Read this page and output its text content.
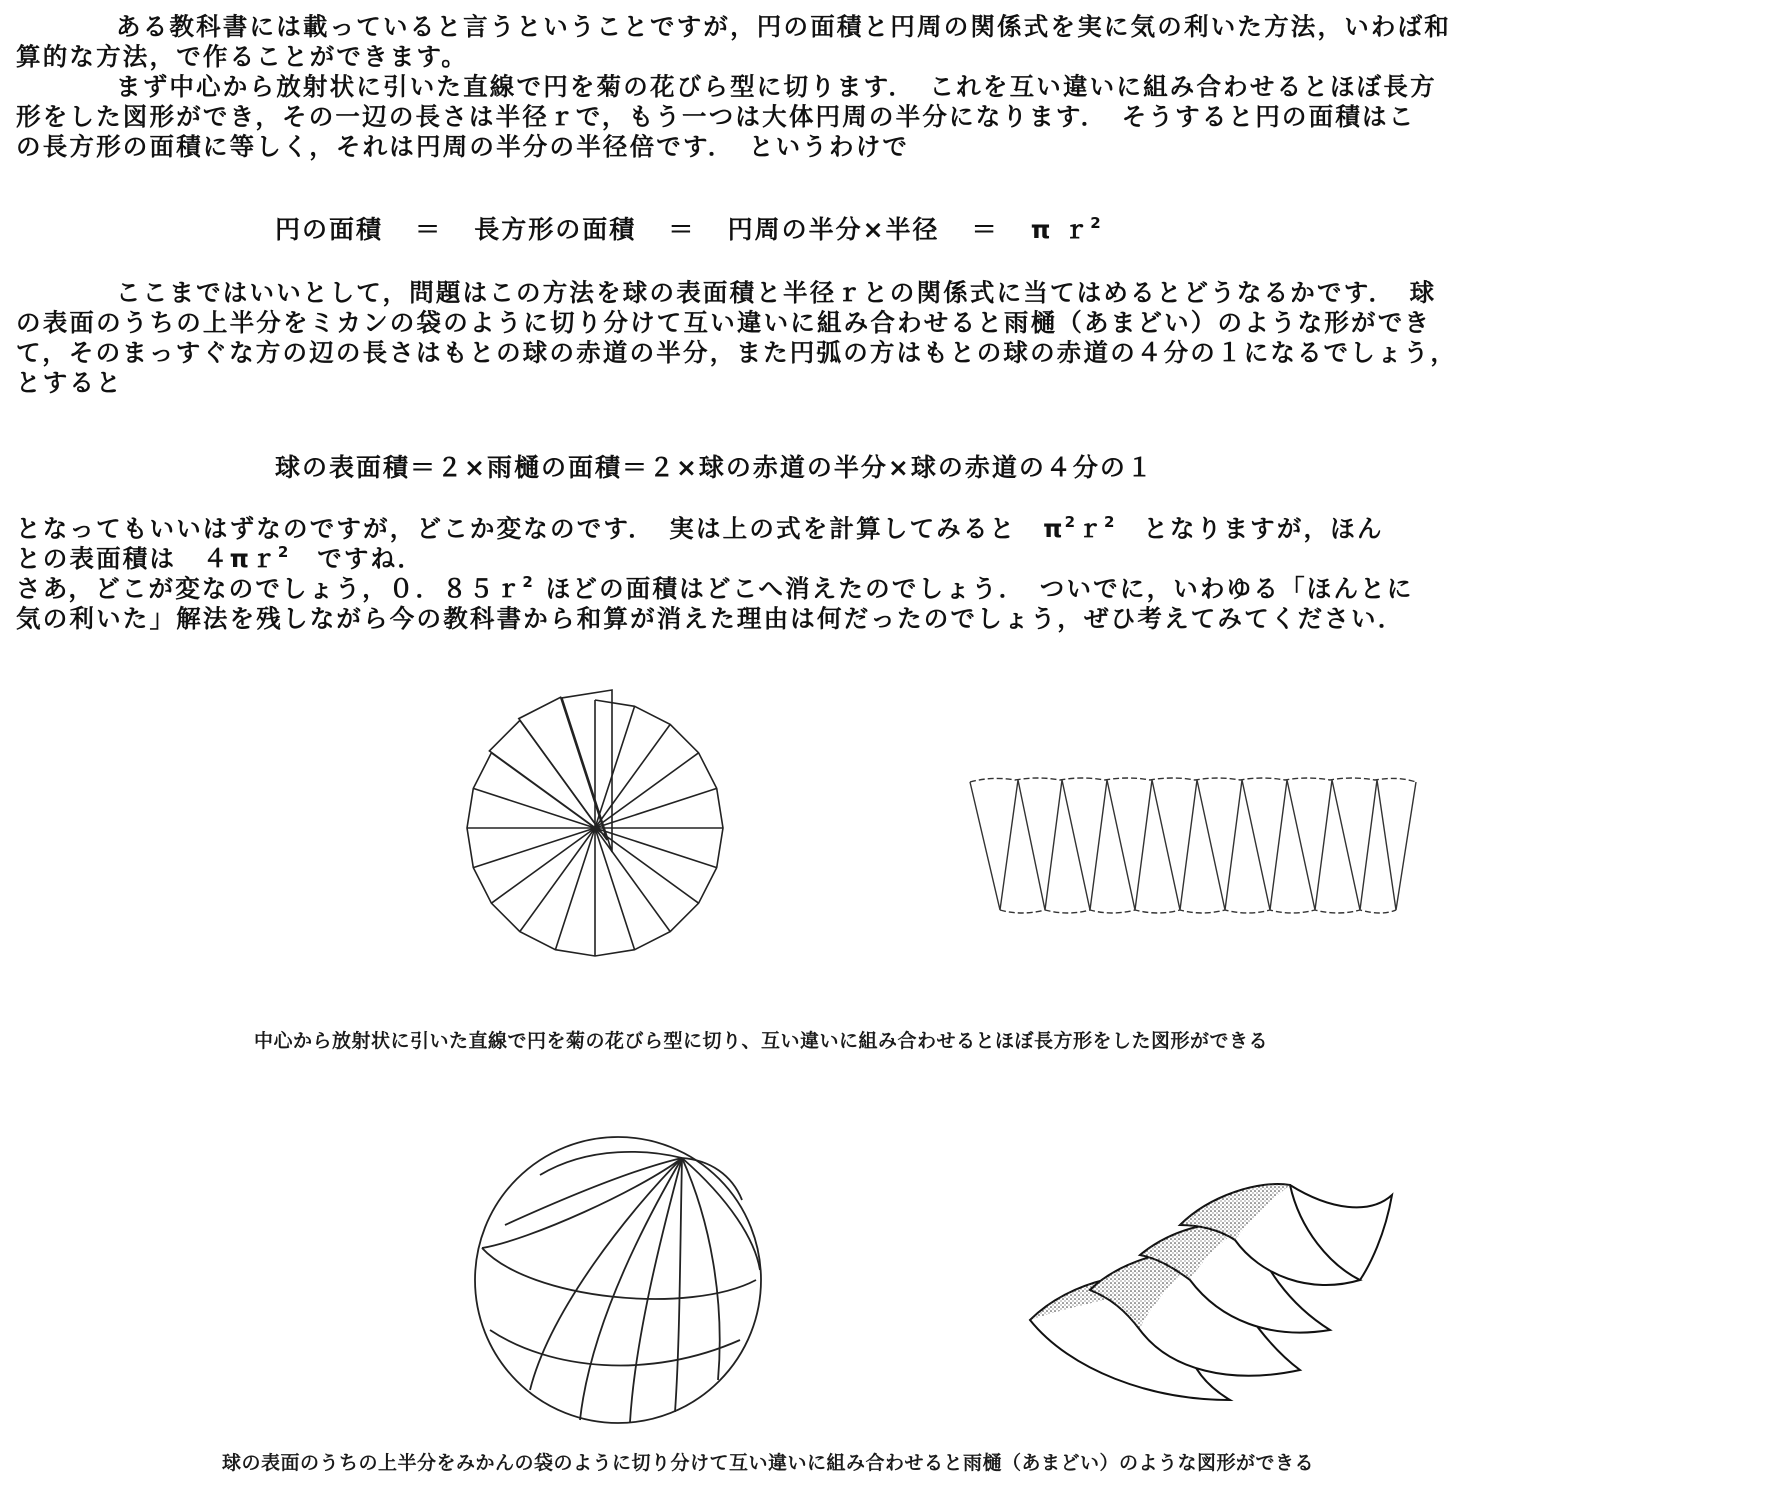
ある教科書には載っていると言うということですが，円の面積と円周の関係式を実に気の利いた方法，いわば和
算的な方法，で作ることができます。
まず中心から放射状に引いた直線で円を菊の花びら型に切ります．　これを互い違いに組み合わせるとほぼ長方
形をした図形ができ，その一辺の長さは半径ｒで，もう一つは大体円周の半分になります．　そうすると円の面積はこ
の長方形の面積に等しく，それは円周の半分の半径倍です．　というわけで
円の面積 ＝ 長方形の面積 ＝ 円周の半分×半径 ＝ π ｒ$^2$
ここまではいいとして，問題はこの方法を球の表面積と半径ｒとの関係式に当てはめるとどうなるかです．　球
の表面のうちの上半分をミカンの袋のように切り分けて互い違いに組み合わせると雨樋（あまどい）のような形ができ
て，そのまっすぐな方の辺の長さはもとの球の赤道の半分，また円弧の方はもとの球の赤道の４分の１になるでしょう，
とすると
球の表面積＝２×雨樋の面積＝２×球の赤道の半分×球の赤道の４分の１
となってもいいはずなのですが，どこか変なのです．　実は上の式を計算してみると　$\pi^2r^2$　となりますが，ほん
との表面積は　４πｒ$^2$　ですね．
さあ，どこが変なのでしょう，０．８５ｒ$^2$ ほどの面積はどこへ消えたのでしょう．　ついでに，いわゆる「ほんとに
気の利いた」解法を残しながら今の教科書から和算が消えた理由は何だったのでしょう，ぜひ考えてみてください．
中心から放射状に引いた直線で円を菊の花びら型に切り、互い違いに組み合わせるとほぼ長方形をした図形ができる
球の表面のうちの上半分をみかんの袋のように切り分けて互い違いに組み合わせると雨樋（あまどい）のような図形ができる
